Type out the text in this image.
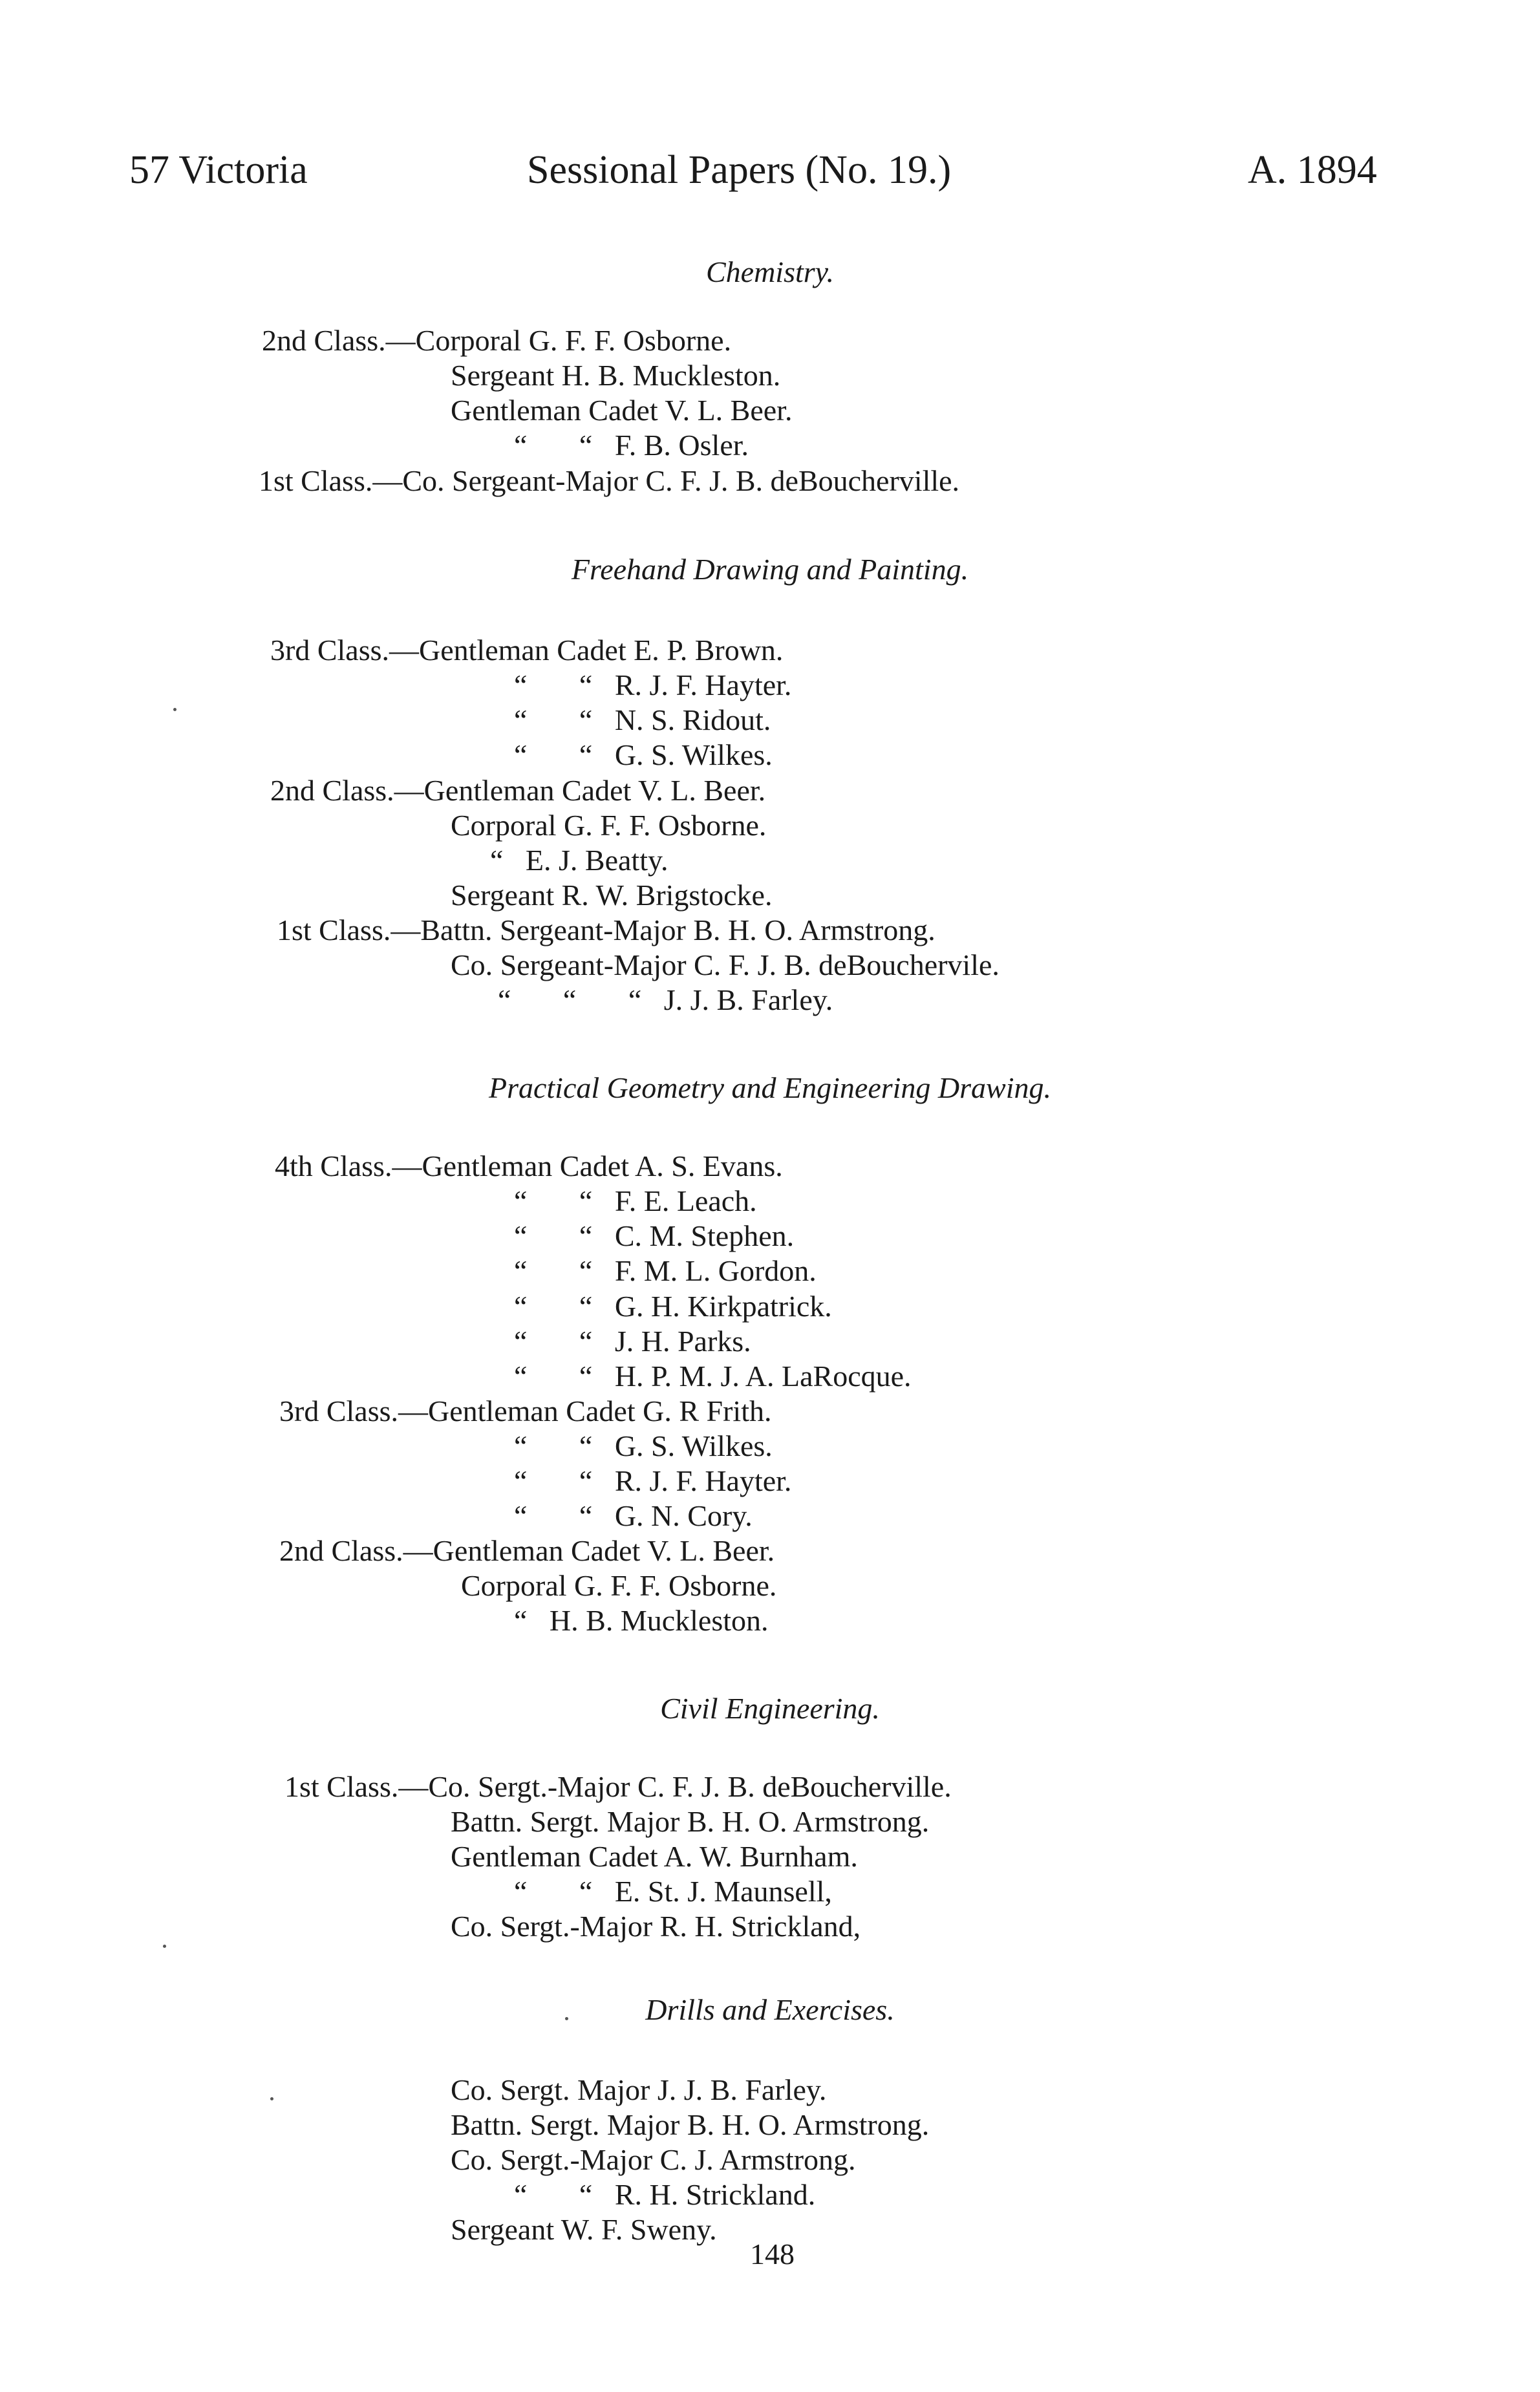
57 Victoria	Sessional Papers (No. 19.)	A. 1894
Chemistry.
2nd Class.—Corporal G. F. F. Osborne.
Sergeant H. B. Muckleston.
Gentleman Cadet V. L. Beer.
“       “   F. B. Osler.
1st Class.—Co. Sergeant-Major C. F. J. B. deBoucherville.
Freehand Drawing and Painting.
3rd Class.—Gentleman Cadet E. P. Brown.
“       “   R. J. F. Hayter.
“       “   N. S. Ridout.
“       “   G. S. Wilkes.
2nd Class.—Gentleman Cadet V. L. Beer.
Corporal G. F. F. Osborne.
“   E. J. Beatty.
Sergeant R. W. Brigstocke.
1st Class.—Battn. Sergeant-Major B. H. O. Armstrong.
Co. Sergeant-Major C. F. J. B. deBouchervile.
“       “       “   J. J. B. Farley.
Practical Geometry and Engineering Drawing.
4th Class.—Gentleman Cadet A. S. Evans.
“       “   F. E. Leach.
“       “   C. M. Stephen.
“       “   F. M. L. Gordon.
“       “   G. H. Kirkpatrick.
“       “   J. H. Parks.
“       “   H. P. M. J. A. LaRocque.
3rd Class.—Gentleman Cadet G. R Frith.
“       “   G. S. Wilkes.
“       “   R. J. F. Hayter.
“       “   G. N. Cory.
2nd Class.—Gentleman Cadet V. L. Beer.
Corporal G. F. F. Osborne.
“   H. B. Muckleston.
Civil Engineering.
1st Class.—Co. Sergt.-Major C. F. J. B. deBoucherville.
Battn. Sergt. Major B. H. O. Armstrong.
Gentleman Cadet A. W. Burnham.
“       “   E. St. J. Maunsell,
Co. Sergt.-Major R. H. Strickland,
Drills and Exercises.
Co. Sergt. Major J. J. B. Farley.
Battn. Sergt. Major B. H. O. Armstrong.
Co. Sergt.-Major C. J. Armstrong.
“       “   R. H. Strickland.
Sergeant W. F. Sweny.
148
